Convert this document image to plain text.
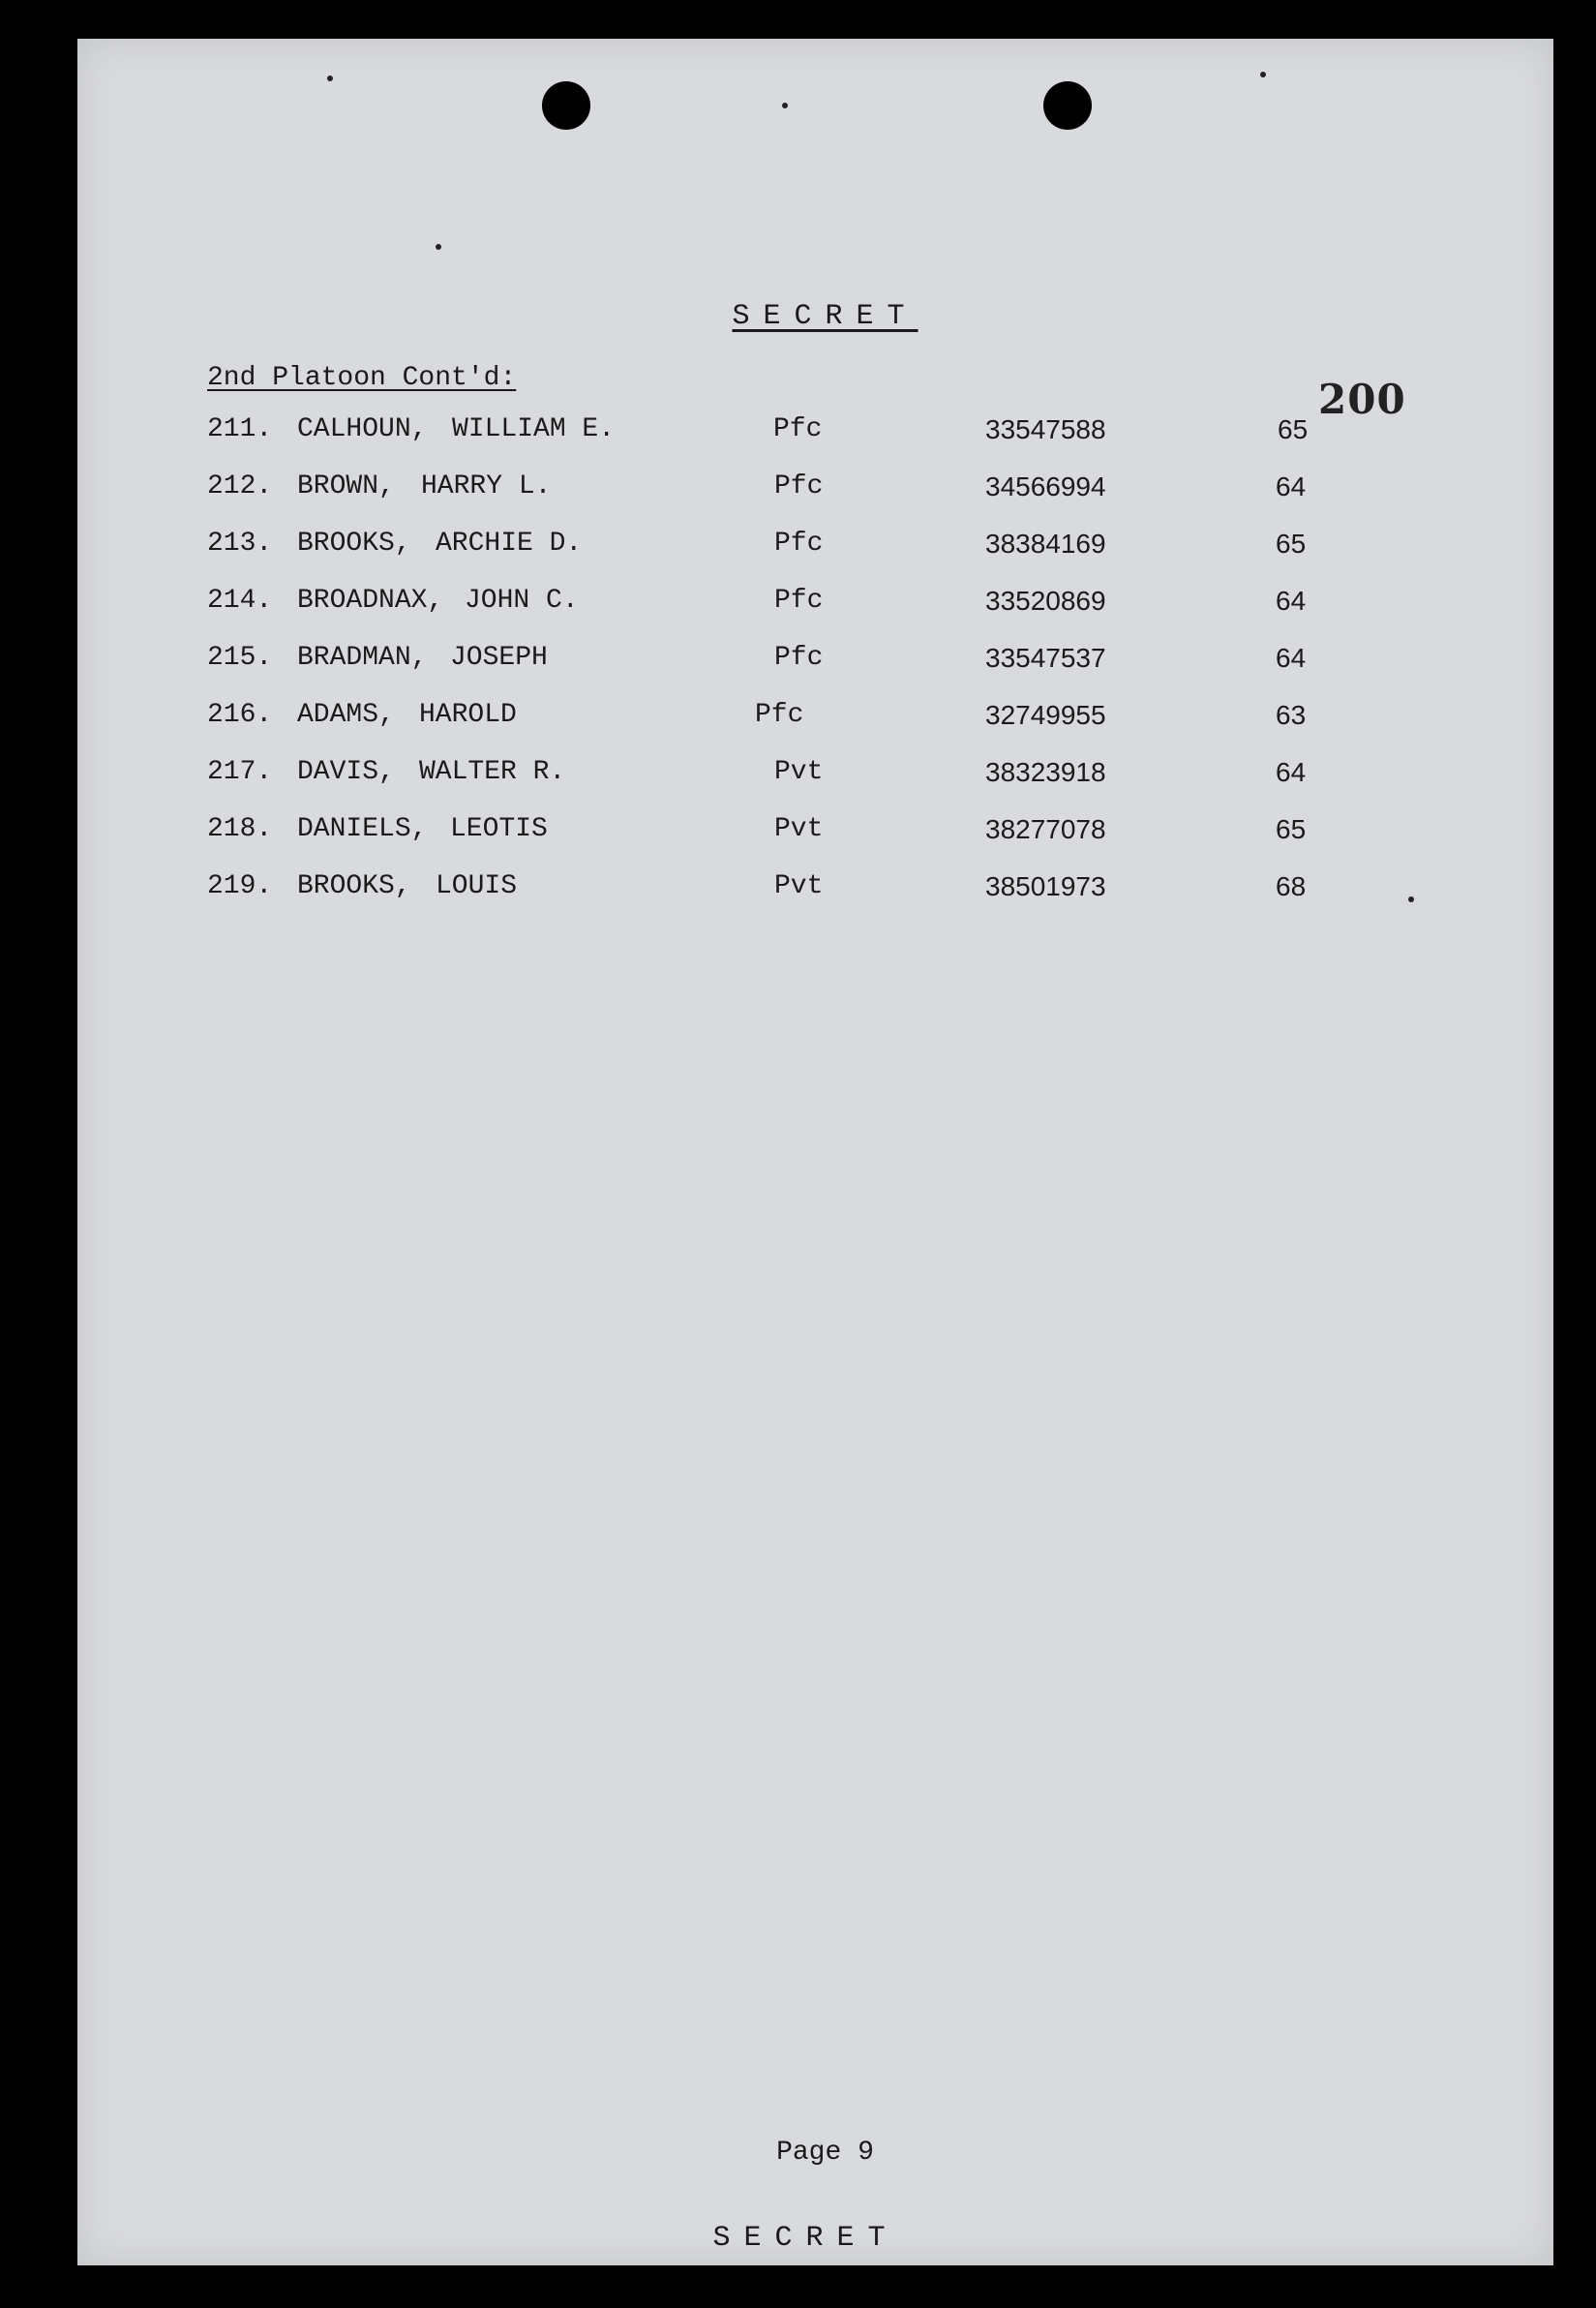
SECRET
2nd Platoon Cont'd:	200
211. CALHOUN, WILLIAM E.	Pfc	33547588	65
212. BROWN, HARRY L.	Pfc	34566994	64
213. BROOKS, ARCHIE D.	Pfc	38384169	65
214. BROADNAX, JOHN C.	Pfc	33520869	64
215. BRADMAN, JOSEPH	Pfc	33547537	64
216. ADAMS, HAROLD	Pfc	32749955	63
217. DAVIS, WALTER R.	Pvt	38323918	64
218. DANIELS, LEOTIS	Pvt	38277078	65
219. BROOKS, LOUIS	Pvt	38501973	68
Page 9
SECRET
